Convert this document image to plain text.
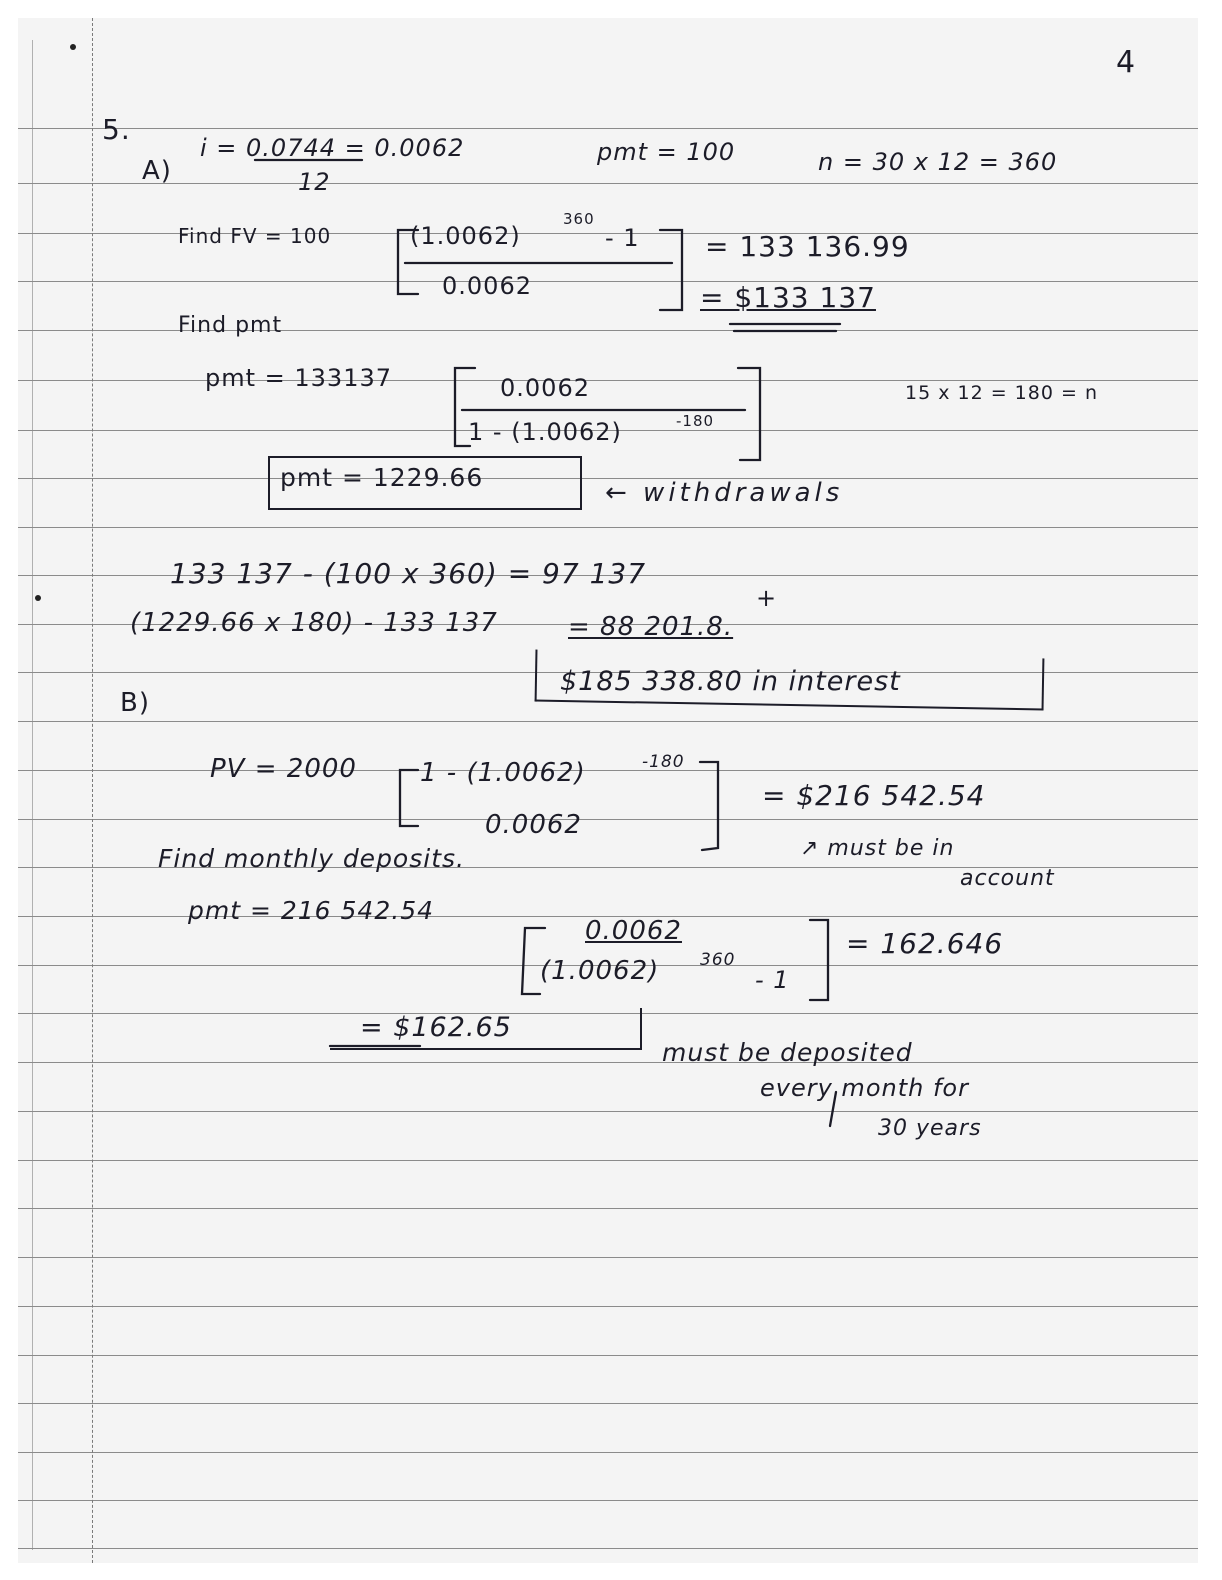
4
5.
A)
i = 0.0744 = 0.0062
12
pmt = 100	n = 30 x 12 = 360
Find FV = 100	(1.0062)
360
- 1
0.0062
= 133 136.99
= $133 137
Find pmt
pmt = 133137	0.0062
1 - (1.0062)	-180
15 x 12 = 180 = n
pmt = 1229.66
← withdrawals
133 137 - (100 x 360) = 97 137
+
(1229.66 x 180) - 133 137	= 88 201.8.
$185 338.80 in interest
B)
PV = 2000 1 - (1.0062)	-180
0.0062
= $216 542.54
↗ must be in
account
Find monthly deposits.
pmt = 216 542.54
0.0062
(1.0062) 360
- 1
= 162.646
= $162.65
must be deposited
every month for
30 years
